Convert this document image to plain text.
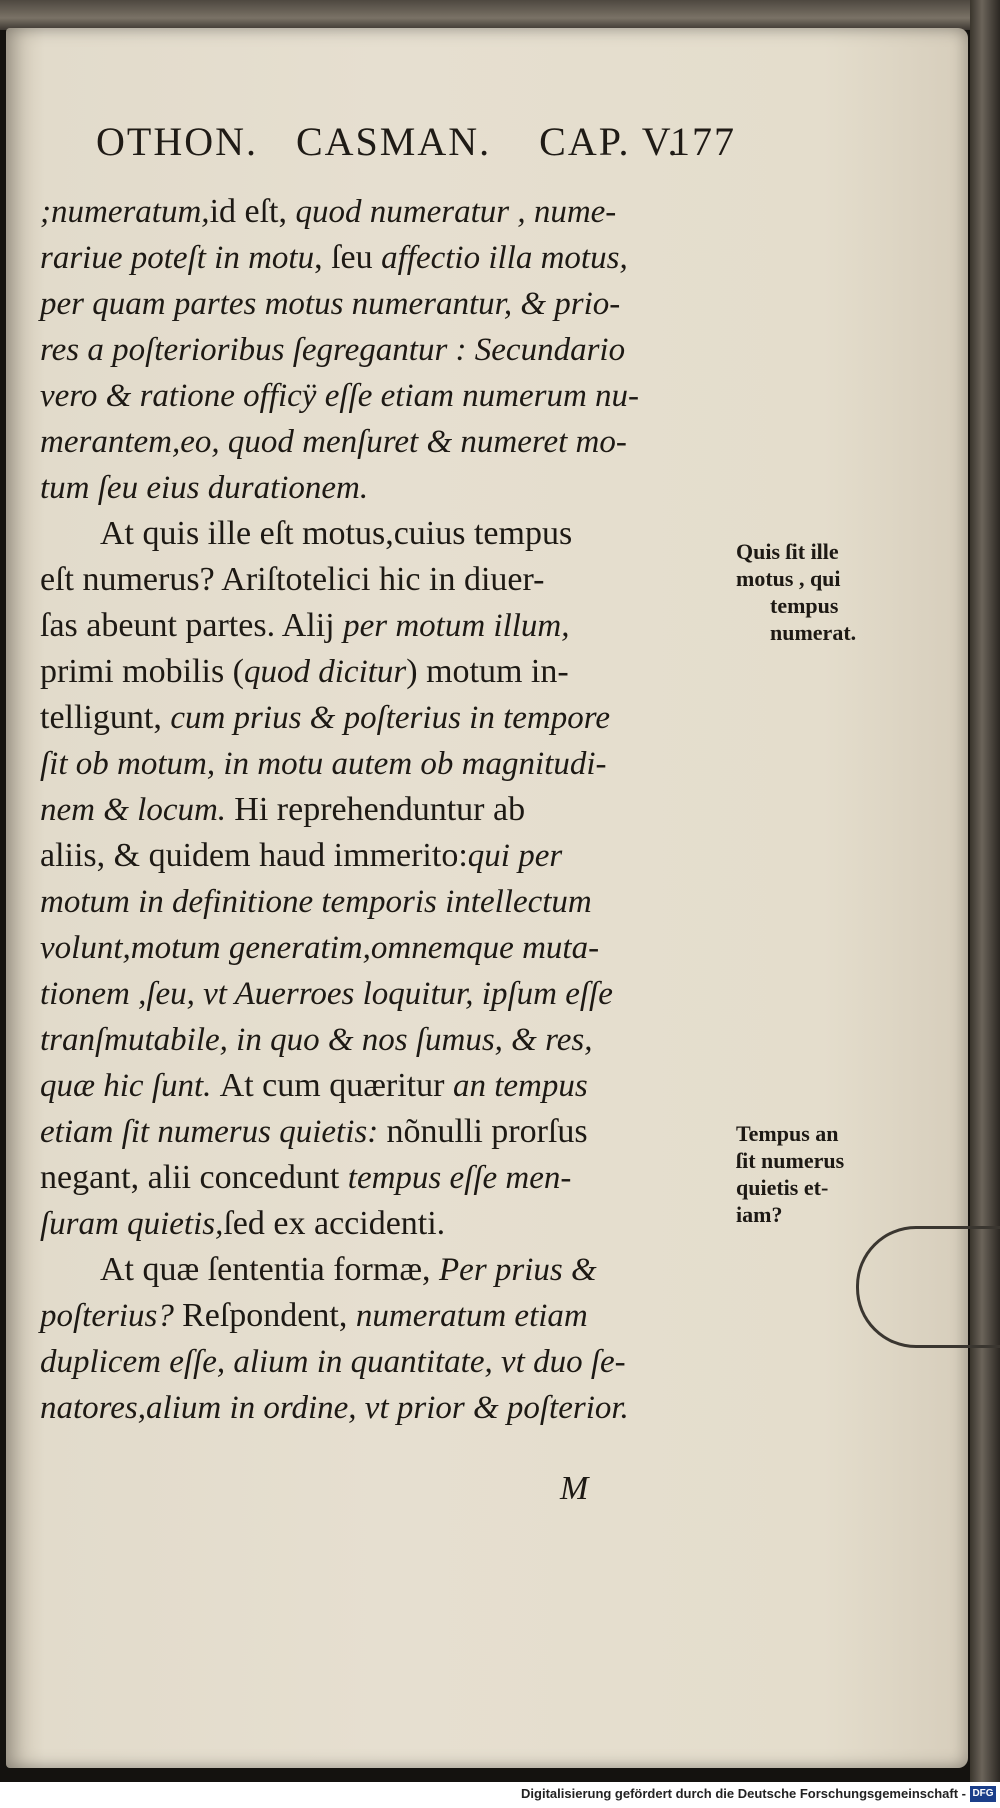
OTHON. CASMAN. CAP. V.
177
;numeratum,id eſt, quod numeratur , nume-
rariue poteſt in motu, ſeu affectio illa motus,
per quam partes motus numerantur, & prio-
res a poſterioribus ſegregantur : Secundario
vero & ratione officÿ eſſe etiam numerum nu-
merantem,eo, quod menſuret & numeret mo-
tum ſeu eius durationem.
At quis ille eſt motus,cuius tempus
eſt numerus? Ariſtotelici hic in diuer-
ſas abeunt partes. Alij per motum illum,
primi mobilis (quod dicitur) motum in-
telligunt, cum prius & poſterius in tempore
ſit ob motum, in motu autem ob magnitudi-
nem & locum. Hi reprehenduntur ab
aliis, & quidem haud immerito:qui per
motum in definitione temporis intellectum
volunt,motum generatim,omnemque muta-
tionem ,ſeu, vt Auerroes loquitur, ipſum eſſe
tranſmutabile, in quo & nos ſumus, & res,
quæ hic ſunt. At cum quæritur an tempus
etiam ſit numerus quietis: nõnulli prorſus
negant, alii concedunt tempus eſſe men-
ſuram quietis,ſed ex accidenti.
At quæ ſententia formæ, Per prius &
poſterius? Reſpondent, numeratum etiam
duplicem eſſe, alium in quantitate, vt duo ſe-
natores,alium in ordine, vt prior & poſterior.
Quis ſit ille
motus , qui
tempus
numerat.
Tempus an
ſit numerus
quietis et-
iam?
M
Digitalisierung gefördert durch die Deutsche Forschungsgemeinschaft - DFG
